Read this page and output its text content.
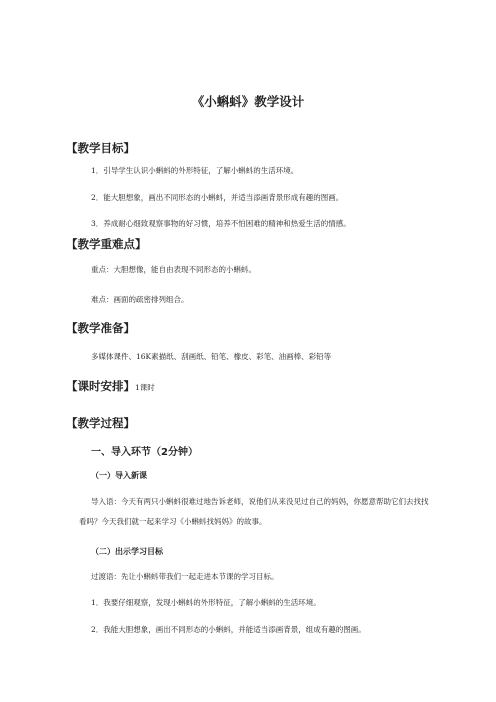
《小蝌蚪》教学设计
【教学目标】
1．引导学生认识小蝌蚪的外形特征，了解小蝌蚪的生活环境。
2．能大胆想象，画出不同形态的小蝌蚪，并适当添画背景形成有趣的图画。
3．养成耐心细致观察事物的好习惯，培养不怕困难的精神和热爱生活的情感。
【教学重难点】
重点：大胆想像，能自由表现不同形态的小蝌蚪。
难点：画面的疏密排列组合。
【教学准备】
多媒体课件、16K素描纸、刮画纸、铅笔、橡皮、彩笔、油画棒、彩铅等
【课时安排】1课时
【教学过程】
一、导入环节（2分钟）
（一）导入新课
导入语：今天有两只小蝌蚪很难过地告诉老师，说他们从来没见过自己的妈妈，你愿意帮助它们去找找看吗？今天我们就一起来学习《小蝌蚪找妈妈》的故事。
（二）出示学习目标
过渡语：先让小蝌蚪带我们一起走进本节课的学习目标。
1．我要仔细观察，发现小蝌蚪的外形特征，了解小蝌蚪的生活环境。
2．我能大胆想象，画出不同形态的小蝌蚪，并能适当添画背景，组成有趣的图画。
